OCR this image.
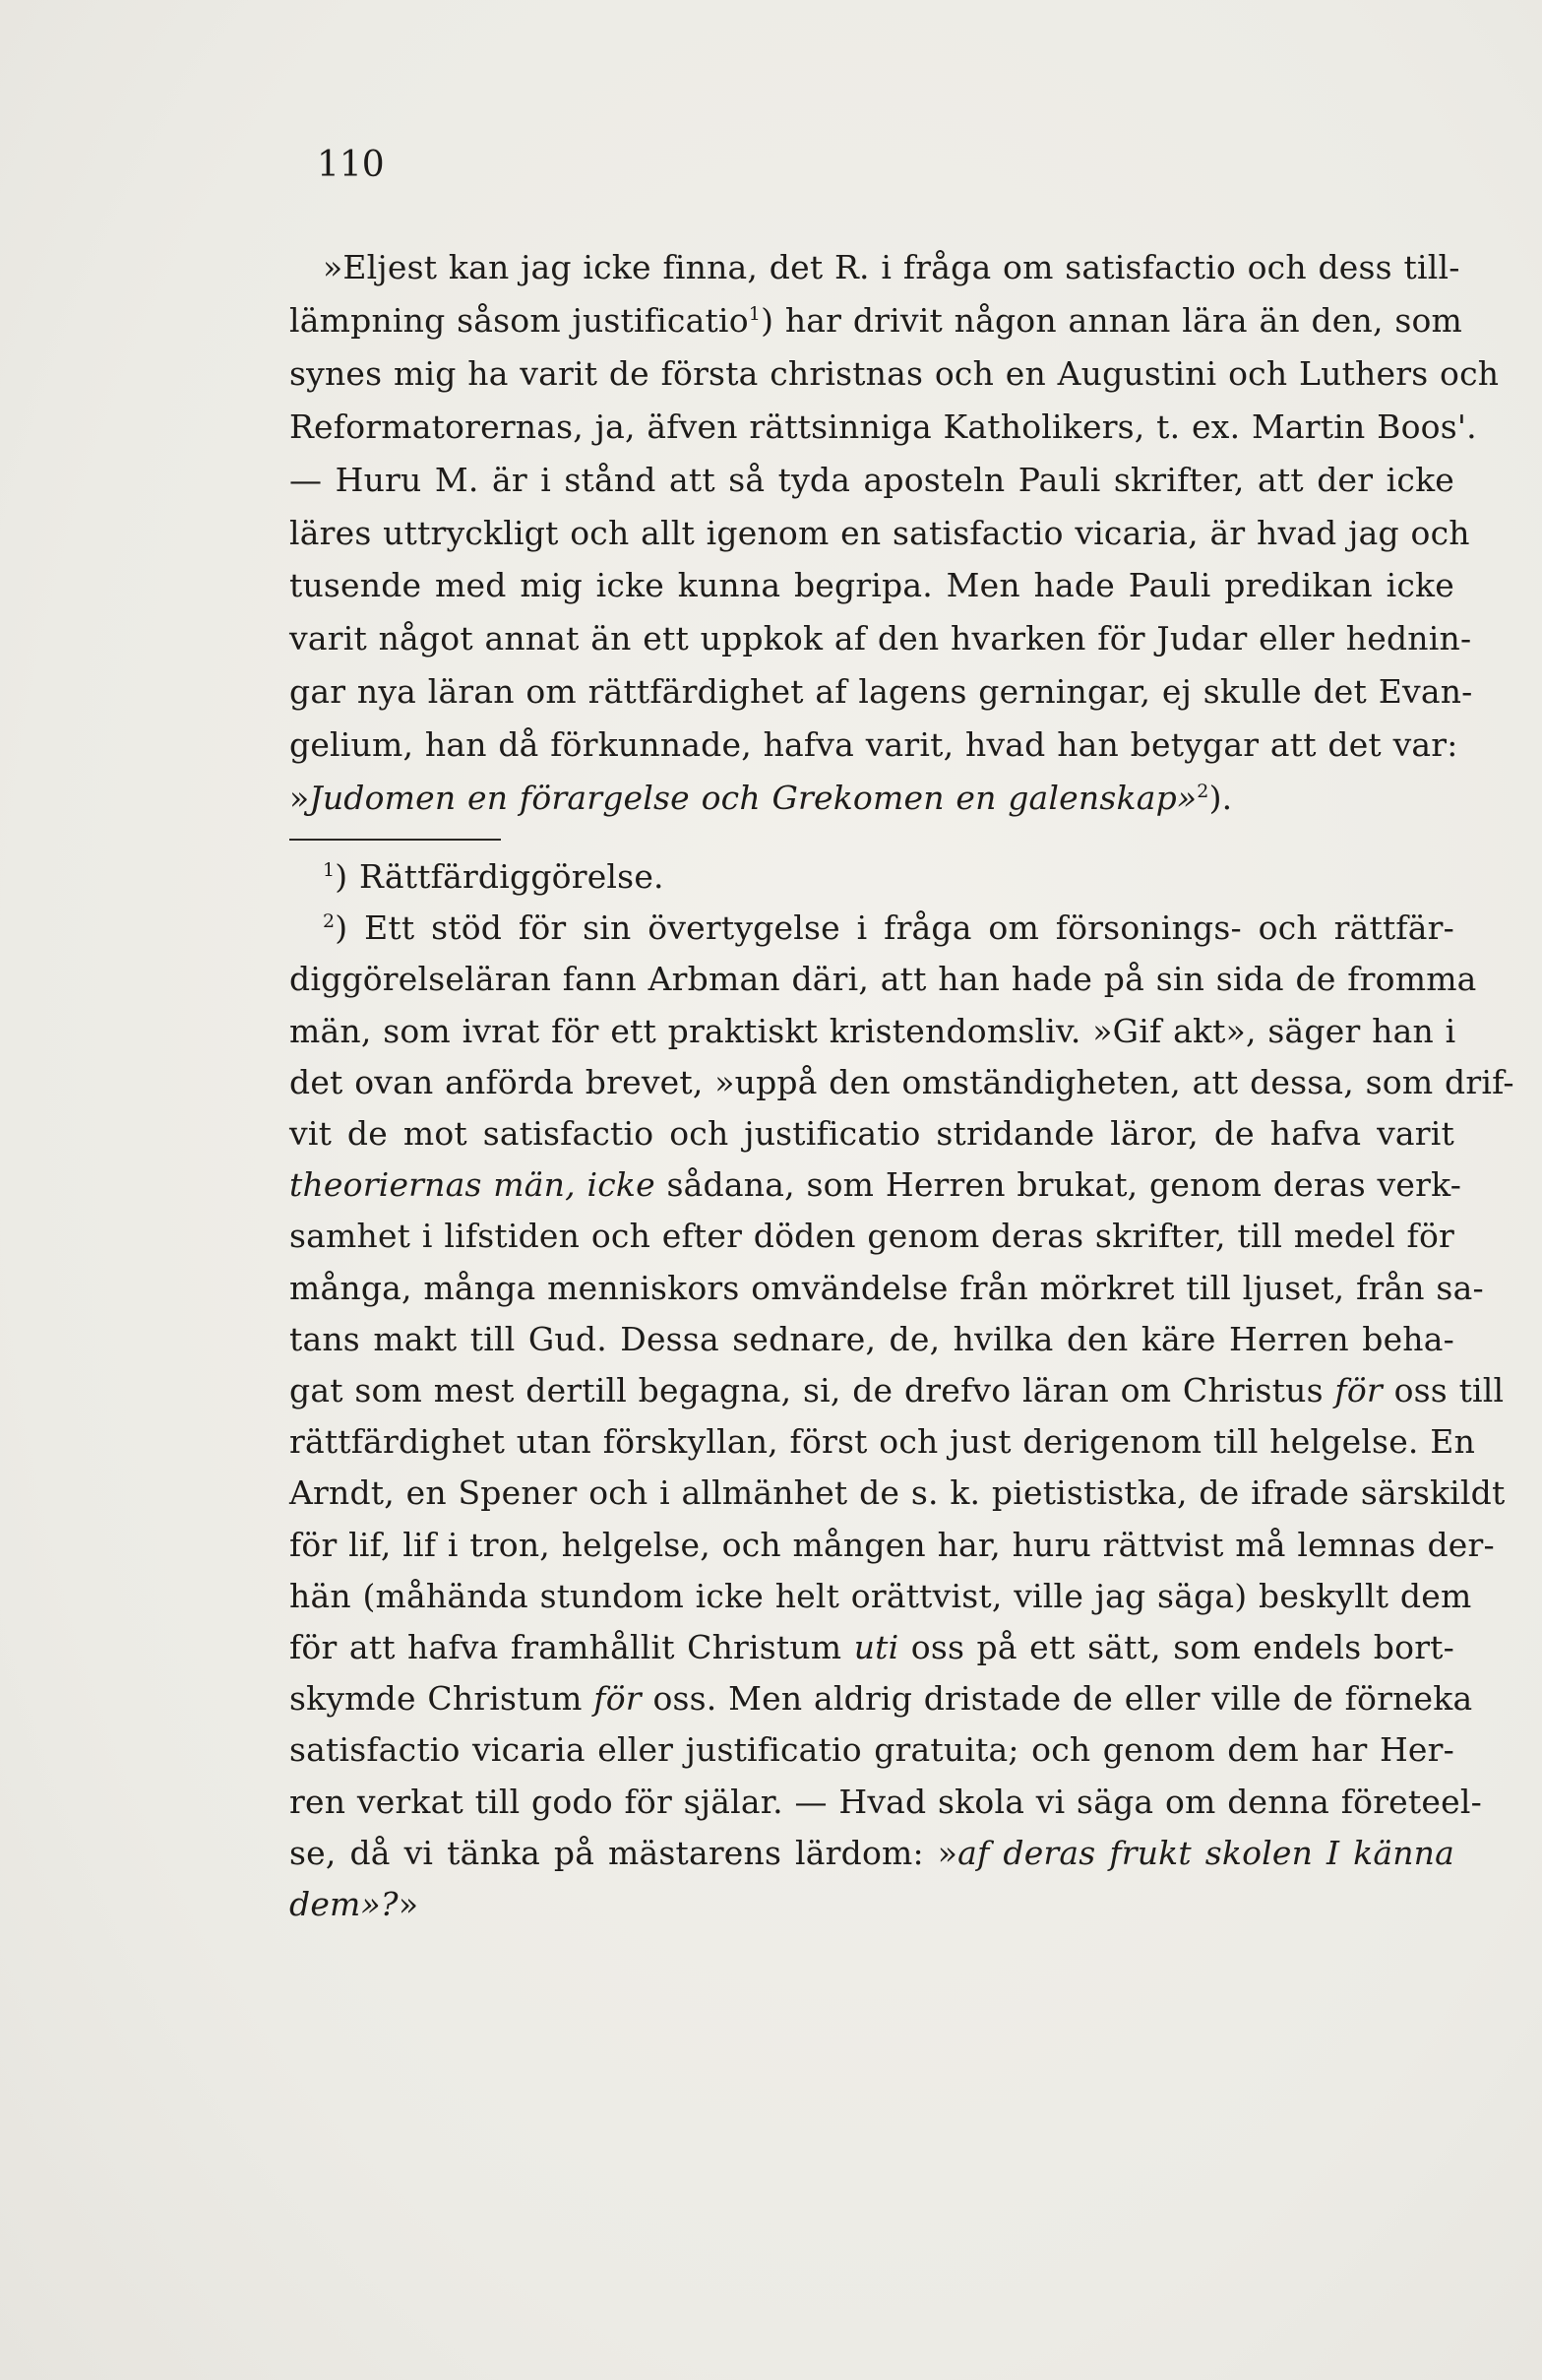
110
»Eljest kan jag icke finna, det R. i fråga om satisfactio och dess till-
lämpning såsom justificatio$^1$) har drivit någon annan lära än den, som
synes mig ha varit de första christnas och en Augustini och Luthers och
Reformatorernas, ja, äfven rättsinniga Katholikers, t. ex. Martin Boos'.
— Huru M. är i stånd att så tyda aposteln Pauli skrifter, att der icke
läres uttryckligt och allt igenom en satisfactio vicaria, är hvad jag och
tusende med mig icke kunna begripa. Men hade Pauli predikan icke
varit något annat än ett uppkok af den hvarken för Judar eller hednin-
gar nya läran om rättfärdighet af lagens gerningar, ej skulle det Evan-
gelium, han då förkunnade, hafva varit, hvad han betygar att det var:
»Judomen en förargelse och Grekomen en galenskap»$^2$).
$^1$) Rättfärdiggörelse.
$^2$) Ett stöd för sin övertygelse i fråga om försonings- och rättfär-
diggörelseläran fann Arbman däri, att han hade på sin sida de fromma
män, som ivrat för ett praktiskt kristendomsliv. »Gif akt», säger han i
det ovan anförda brevet, »uppå den omständigheten, att dessa, som drif-
vit de mot satisfactio och justificatio stridande läror, de hafva varit
theoriernas män, icke sådana, som Herren brukat, genom deras verk-
samhet i lifstiden och efter döden genom deras skrifter, till medel för
många, många menniskors omvändelse från mörkret till ljuset, från sa-
tans makt till Gud. Dessa sednare, de, hvilka den käre Herren beha-
gat som mest dertill begagna, si, de drefvo läran om Christus för oss till
rättfärdighet utan förskyllan, först och just derigenom till helgelse. En
Arndt, en Spener och i allmänhet de s. k. pietististka, de ifrade särskildt
för lif, lif i tron, helgelse, och mången har, huru rättvist må lemnas der-
hän (måhända stundom icke helt orättvist, ville jag säga) beskyllt dem
för att hafva framhållit Christum uti oss på ett sätt, som endels bort-
skymde Christum för oss. Men aldrig dristade de eller ville de förneka
satisfactio vicaria eller justificatio gratuita; och genom dem har Her-
ren verkat till godo för själar. — Hvad skola vi säga om denna företeel-
se, då vi tänka på mästarens lärdom: »af deras frukt skolen I känna
dem»?»
